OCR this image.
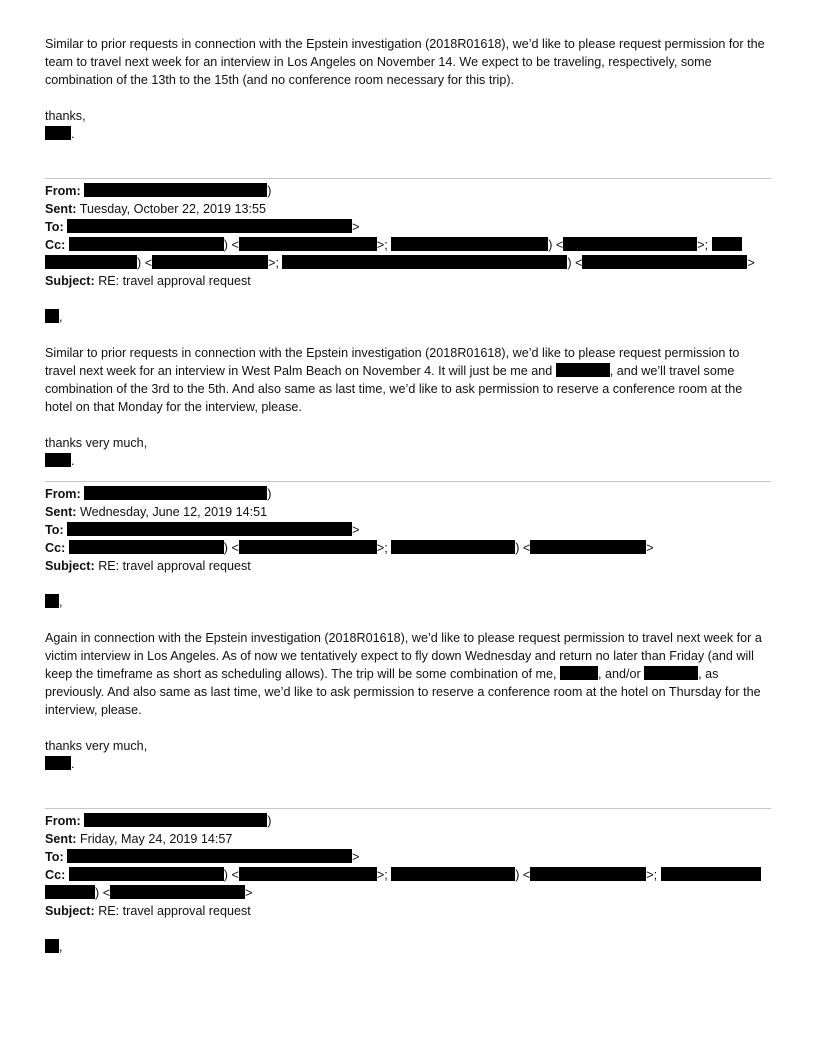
Similar to prior requests in connection with the Epstein investigation (2018R01618), we’d like to please request permission for the team to travel next week for an interview in Los Angeles on November 14. We expect to be traveling, respectively, some combination of the 13th to the 15th (and no conference room necessary for this trip).

thanks,

.

From:	)
Sent: Tuesday, October 22, 2019 13:55
To:	>
Cc:	) <	>;	) <	>;
) <	>;	) <	>
Subject: RE: travel approval request

,

Similar to prior requests in connection with the Epstein investigation (2018R01618), we’d like to please request permission to travel next week for an interview in West Palm Beach on November 4. It will just be me and	, and we’ll travel some combination of the 3rd to the 5th. And also same as last time, we’d like to ask permission to reserve a conference room at the hotel on that Monday for the interview, please.

thanks very much,

.

From:	)
Sent: Wednesday, June 12, 2019 14:51
To:	>
Cc:	) <	>;	) <	>
Subject: RE: travel approval request

,

Again in connection with the Epstein investigation (2018R01618), we’d like to please request permission to travel next week for a victim interview in Los Angeles. As of now we tentatively expect to fly down Wednesday and return no later than Friday (and will keep the timeframe as short as scheduling allows). The trip will be some combination of me,	, and/or	, as previously. And also same as last time, we’d like to ask permission to reserve a conference room at the hotel on Thursday for the interview, please.

thanks very much,

.

From:	)
Sent: Friday, May 24, 2019 14:57
To:	>
Cc:	) <	>;	) <	>;
) <	>
Subject: RE: travel approval request

,
